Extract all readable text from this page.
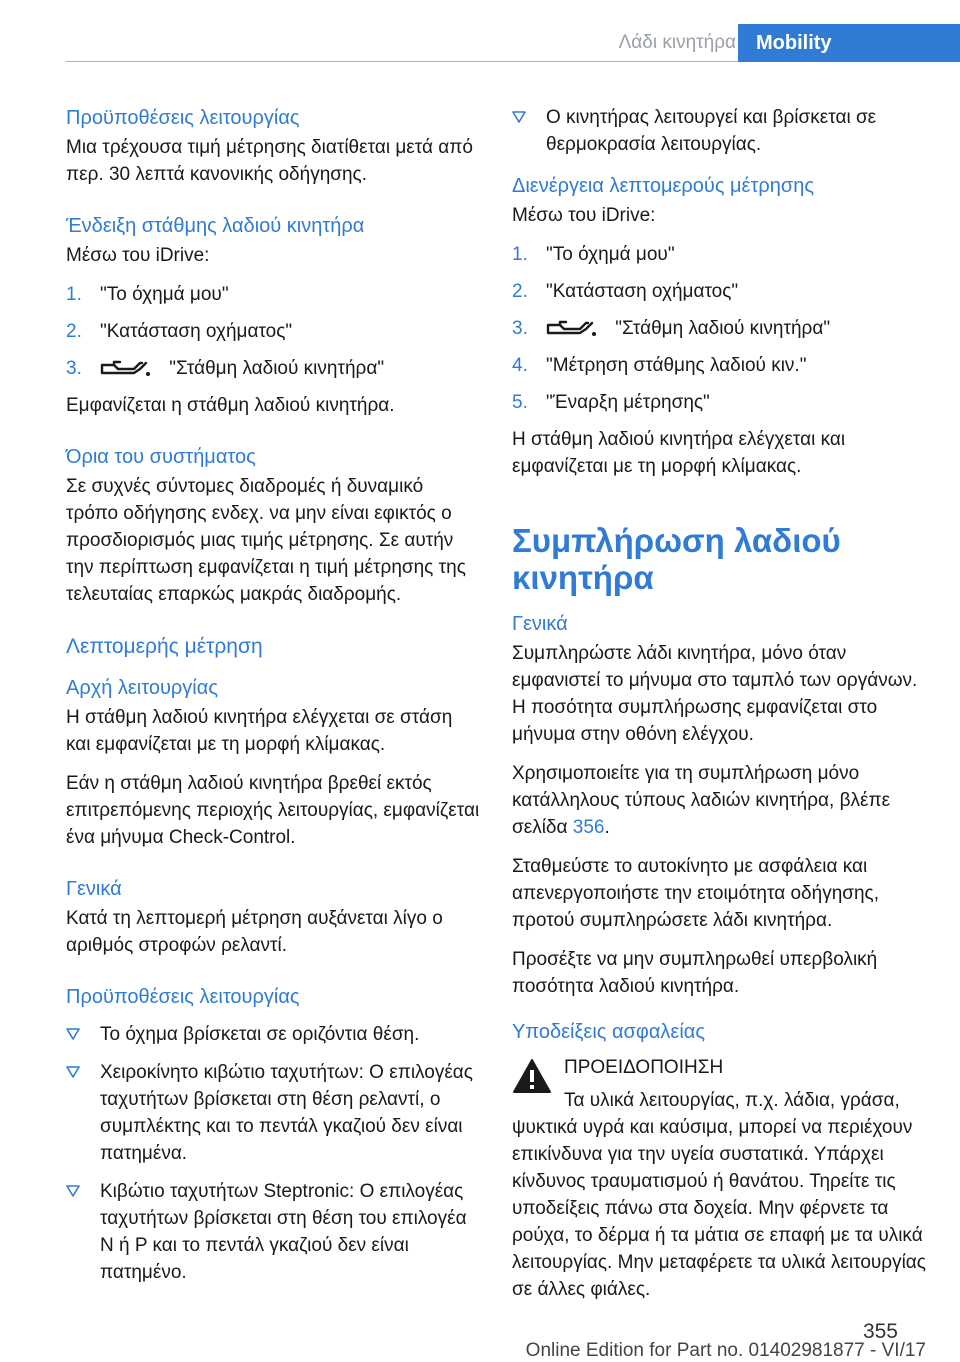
Λάδι κινητήρα	Mobility
Προϋποθέσεις λειτουργίας

Μια τρέχουσα τιμή μέτρησης διατίθεται μετά από περ. 30 λεπτά κανονικής οδήγησης.

Ένδειξη στάθμης λαδιού κινητήρα

Μέσω του iDrive:

1. "Το όχημά μου"
2. "Κατάσταση οχήματος"
3.	"Στάθμη λαδιού κινητήρα"

Εμφανίζεται η στάθμη λαδιού κινητήρα.

Όρια του συστήματος

Σε συχνές σύντομες διαδρομές ή δυναμικό τρόπο οδήγησης ενδεχ. να μην είναι εφικτός ο προσδιορισμός μιας τιμής μέτρησης. Σε αυτήν την περίπτωση εμφανίζεται η τιμή μέτρησης της τελευταίας επαρκώς μακράς διαδρομής.

Λεπτομερής μέτρηση
Αρχή λειτουργίας

Η στάθμη λαδιού κινητήρα ελέγχεται σε στάση και εμφανίζεται με τη μορφή κλίμακας.

Εάν η στάθμη λαδιού κινητήρα βρεθεί εκτός επιτρεπόμενης περιοχής λειτουργίας, εμφανίζεται ένα μήνυμα Check-Control.

Γενικά

Κατά τη λεπτομερή μέτρηση αυξάνεται λίγο ο αριθμός στροφών ρελαντί.

Προϋποθέσεις λειτουργίας
Το όχημα βρίσκεται σε οριζόντια θέση.
Χειροκίνητο κιβώτιο ταχυτήτων: Ο επιλογέας ταχυτήτων βρίσκεται στη θέση ρελαντί, ο συμπλέκτης και το πεντάλ γκαζιού δεν είναι πατημένα.
Κιβώτιο ταχυτήτων Steptronic: Ο επιλογέας ταχυτήτων βρίσκεται στη θέση του επιλογέα N ή P και το πεντάλ γκαζιού δεν είναι πατημένο.
Ο κινητήρας λειτουργεί και βρίσκεται σε θερμοκρασία λειτουργίας.
Διενέργεια λεπτομερούς μέτρησης

Μέσω του iDrive:

1. "Το όχημά μου"
2. "Κατάσταση οχήματος"
3.	"Στάθμη λαδιού κινητήρα"
4. "Μέτρηση στάθμης λαδιού κιν."
5. "Έναρξη μέτρησης"

Η στάθμη λαδιού κινητήρα ελέγχεται και εμφανίζεται με τη μορφή κλίμακας.

Συμπλήρωση λαδιού κινητήρα
Γενικά

Συμπληρώστε λάδι κινητήρα, μόνο όταν εμφανιστεί το μήνυμα στο ταμπλό των οργάνων. Η ποσότητα συμπλήρωσης εμφανίζεται στο μήνυμα στην οθόνη ελέγχου.

Χρησιμοποιείτε για τη συμπλήρωση μόνο κατάλληλους τύπους λαδιών κινητήρα, βλέπε σελίδα 356.

Σταθμεύστε το αυτοκίνητο με ασφάλεια και απενεργοποιήστε την ετοιμότητα οδήγησης, προτού συμπληρώσετε λάδι κινητήρα.

Προσέξτε να μην συμπληρωθεί υπερβολική ποσότητα λαδιού κινητήρα.

Υποδείξεις ασφαλείας
ΠΡΟΕΙΔΟΠΟΙΗΣΗ
Τα υλικά λειτουργίας, π.χ. λάδια, γράσα,
ψυκτικά υγρά και καύσιμα, μπορεί να περιέχουν επικίνδυνα για την υγεία συστατικά. Υπάρχει κίνδυνος τραυματισμού ή θανάτου. Τηρείτε τις υποδείξεις πάνω στα δοχεία. Μην φέρνετε τα ρούχα, το δέρμα ή τα μάτια σε επαφή με τα υλικά λειτουργίας. Μην μεταφέρετε τα υλικά λειτουργίας σε άλλες φιάλες.
355
Online Edition for Part no. 01402981877 - VI/17
